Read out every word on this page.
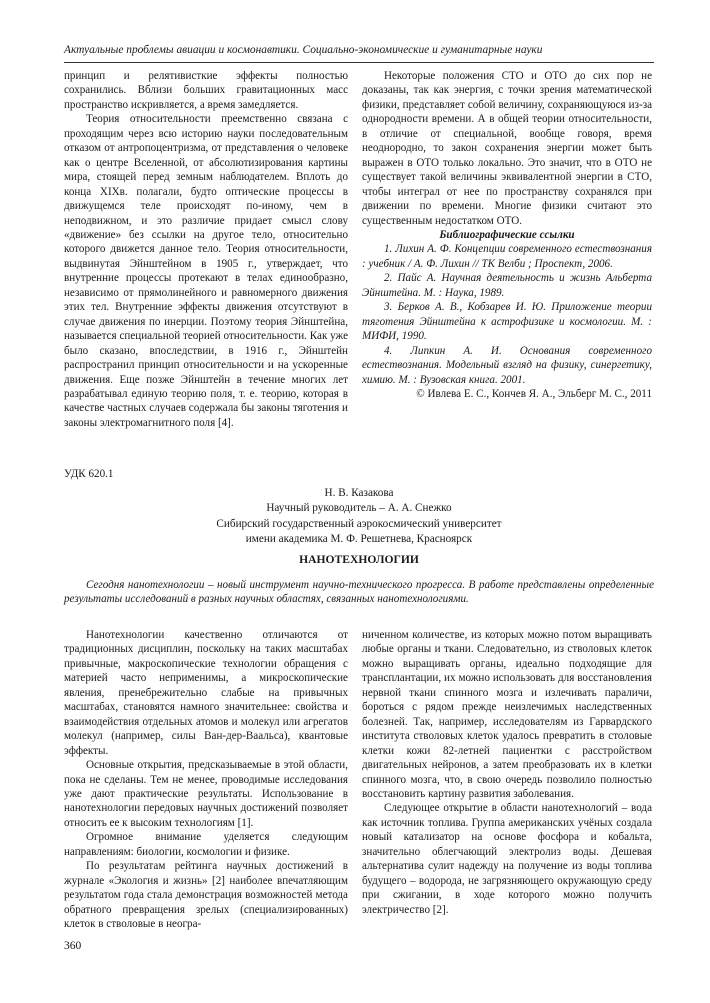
Актуальные проблемы авиации и космонавтики. Социально-экономические и гуманитарные науки

принцип и релятивисткие эффекты полностью сохранились. Вблизи больших гравитационных масс пространство искривляется, а время замедляется.

Теория относительности преемственно связана с проходящим через всю историю науки последовательным отказом от антропоцентризма, от представления о человеке как о центре Вселенной, от абсолютизирования картины мира, стоящей перед земным наблюдателем. Вплоть до конца XIXв. полагали, будто оптические процессы в движущемся теле происходят по-иному, чем в неподвижном, и это различие придает смысл слову «движение» без ссылки на другое тело, относительно которого движется данное тело. Теория относительности, выдвинутая Эйнштейном в 1905 г., утверждает, что внутренние процессы протекают в телах единообразно, независимо от прямолинейного и равномерного движения этих тел. Внутренние эффекты движения отсутствуют в случае движения по инерции. Поэтому теория Эйнштейна, называется специальной теорией относительности. Как уже было сказано, впоследствии, в 1916 г., Эйнштейн распространил принцип относительности и на ускоренные движения. Еще позже Эйнштейн в течение многих лет разрабатывал единую теорию поля, т. е. теорию, которая в качестве частных случаев содержала бы законы тяготения и законы электромагнитного поля [4].

Некоторые положения СТО и ОТО до сих пор не доказаны, так как энергия, с точки зрения математической физики, представляет собой величину, сохраняющуюся из-за однородности времени. А в общей теории относительности, в отличие от специальной, вообще говоря, время неоднородно, то закон сохранения энергии может быть выражен в ОТО только локально. Это значит, что в ОТО не существует такой величины эквивалентной энергии в СТО, чтобы интеграл от нее по пространству сохранялся при движении по времени. Многие физики считают это существенным недостатком ОТО.

Библиографические ссылки

1. Лихин А. Ф. Концепции современного естествознания : учебник / А. Ф. Лихин // ТК Велби ; Проспект, 2006.

2. Пайс А. Научная деятельность и жизнь Альберта Эйнштейна. М. : Наука, 1989.

3. Берков А. В., Кобзарев И. Ю. Приложение теории тяготения Эйнштейна к астрофизике и космологии. М. : МИФИ, 1990.

4. Липкин А. И. Основания современного естествознания. Модельный взгляд на физику, синергетику, химию. М. : Вузовская книга. 2001.

© Ивлева Е. С., Кончев Я. А., Эльберг М. С., 2011

УДК 620.1
Н. В. Казакова
Научный руководитель – А. А. Снежко
Сибирский государственный аэрокосмический университет
имени академика М. Ф. Решетнева, Красноярск
НАНОТЕХНОЛОГИИ
Сегодня нанотехнологии – новый инструмент научно-технического прогресса. В работе представлены определенные результаты исследований в разных научных областях, связанных нанотехнологиями.

Нанотехнологии качественно отличаются от традиционных дисциплин, поскольку на таких масштабах привычные, макроскопические технологии обращения с материей часто неприменимы, а микроскопические явления, пренебрежительно слабые на привычных масштабах, становятся намного значительнее: свойства и взаимодействия отдельных атомов и молекул или агрегатов молекул (например, силы Ван-дер-Ваальса), квантовые эффекты.

Основные открытия, предсказываемые в этой области, пока не сделаны. Тем не менее, проводимые исследования уже дают практические результаты. Использование в нанотехнологии передовых научных достижений позволяет относить ее к высоким технологиям [1].

Огромное внимание уделяется следующим направлениям: биологии, космологии и физике.

По результатам рейтинга научных достижений в журнале «Экология и жизнь» [2] наиболее впечатляющим результатом года стала демонстрация возможностей метода обратного превращения зрелых (специализированных) клеток в стволовые в неогра-

ниченном количестве, из которых можно потом выращивать любые органы и ткани. Следовательно, из стволовых клеток можно выращивать органы, идеально подходящие для трансплантации, их можно использовать для восстановления нервной ткани спинного мозга и излечивать параличи, бороться с рядом прежде неизлечимых наследственных болезней. Так, например, исследователям из Гарвардского института стволовых клеток удалось превратить в столовые клетки кожи 82-летней пациентки с расстройством двигательных нейронов, а затем преобразовать их в клетки спинного мозга, что, в свою очередь позволило полностью восстановить картину развития заболевания.

Следующее открытие в области нанотехнологий – вода как источник топлива. Группа американских учёных создала новый катализатор на основе фосфора и кобальта, значительно облегчающий электролиз воды. Дешевая альтернатива сулит надежду на получение из воды топлива будущего – водорода, не загрязняющего окружающую среду при сжигании, в ходе которого можно получить электричество [2].

360
